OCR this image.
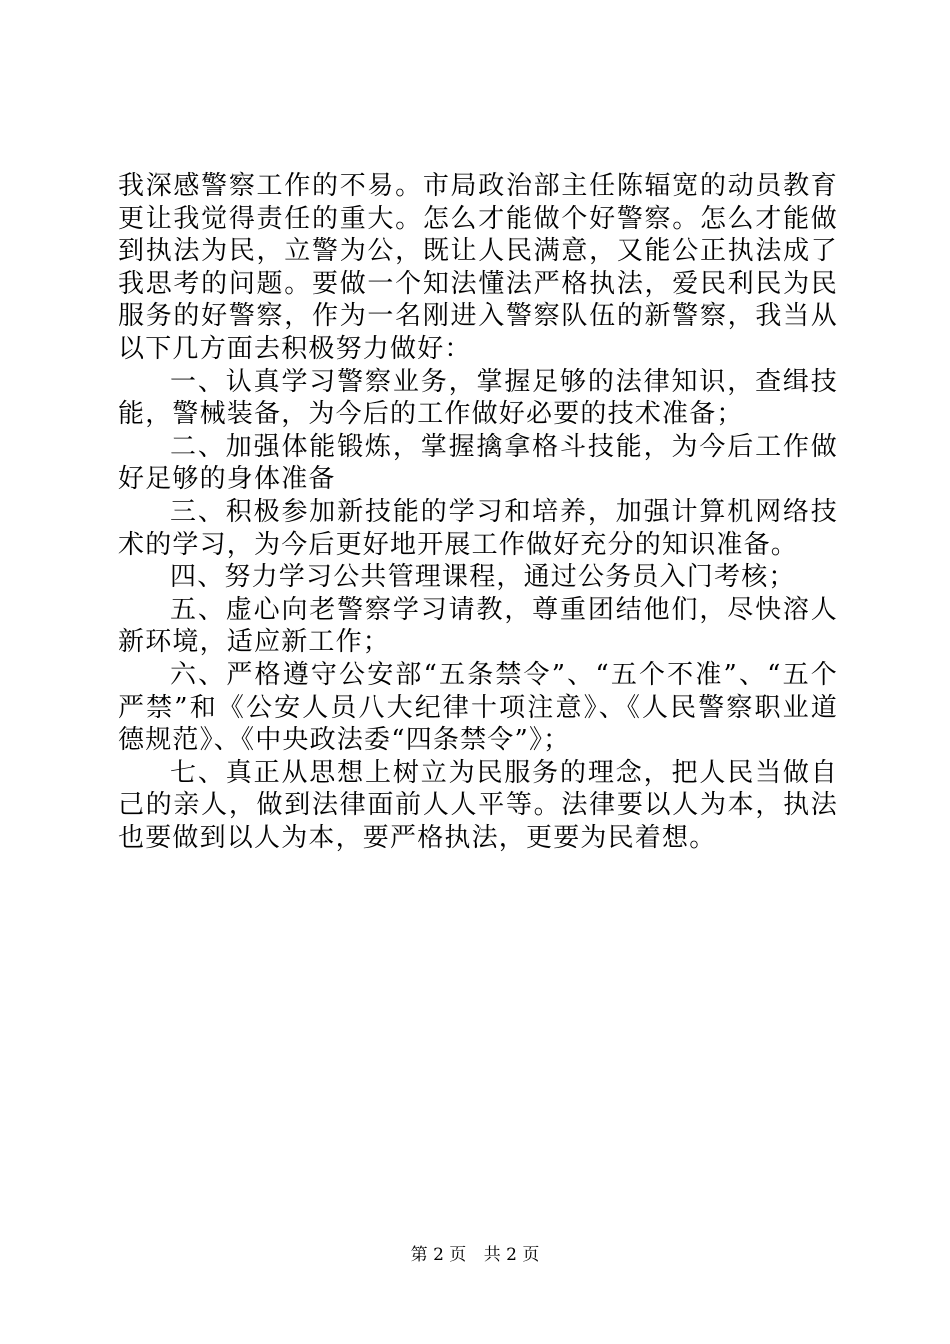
我深感警察工作的不易。市局政治部主任陈辐宽的动员教育更让我觉得责任的重大。怎么才能做个好警察。怎么才能做到执法为民，立警为公，既让人民满意，又能公正执法成了我思考的问题。要做一个知法懂法严格执法，爱民利民为民服务的好警察，作为一名刚进入警察队伍的新警察，我当从以下几方面去积极努力做好：

一、认真学习警察业务，掌握足够的法律知识，查缉技能，警械装备，为今后的工作做好必要的技术准备；

二、加强体能锻炼，掌握擒拿格斗技能，为今后工作做好足够的身体准备

三、积极参加新技能的学习和培养，加强计算机网络技术的学习，为今后更好地开展工作做好充分的知识准备。

四、努力学习公共管理课程，通过公务员入门考核；

五、虚心向老警察学习请教，尊重团结他们，尽快溶人新环境，适应新工作；

六、严格遵守公安部“五条禁令”、“五个不准”、“五个严禁”和《公安人员八大纪律十项注意》、《人民警察职业道德规范》、《中央政法委“四条禁令”》；

七、真正从思想上树立为民服务的理念，把人民当做自己的亲人，做到法律面前人人平等。法律要以人为本，执法也要做到以人为本，要严格执法，更要为民着想。

第 2 页 共 2 页
